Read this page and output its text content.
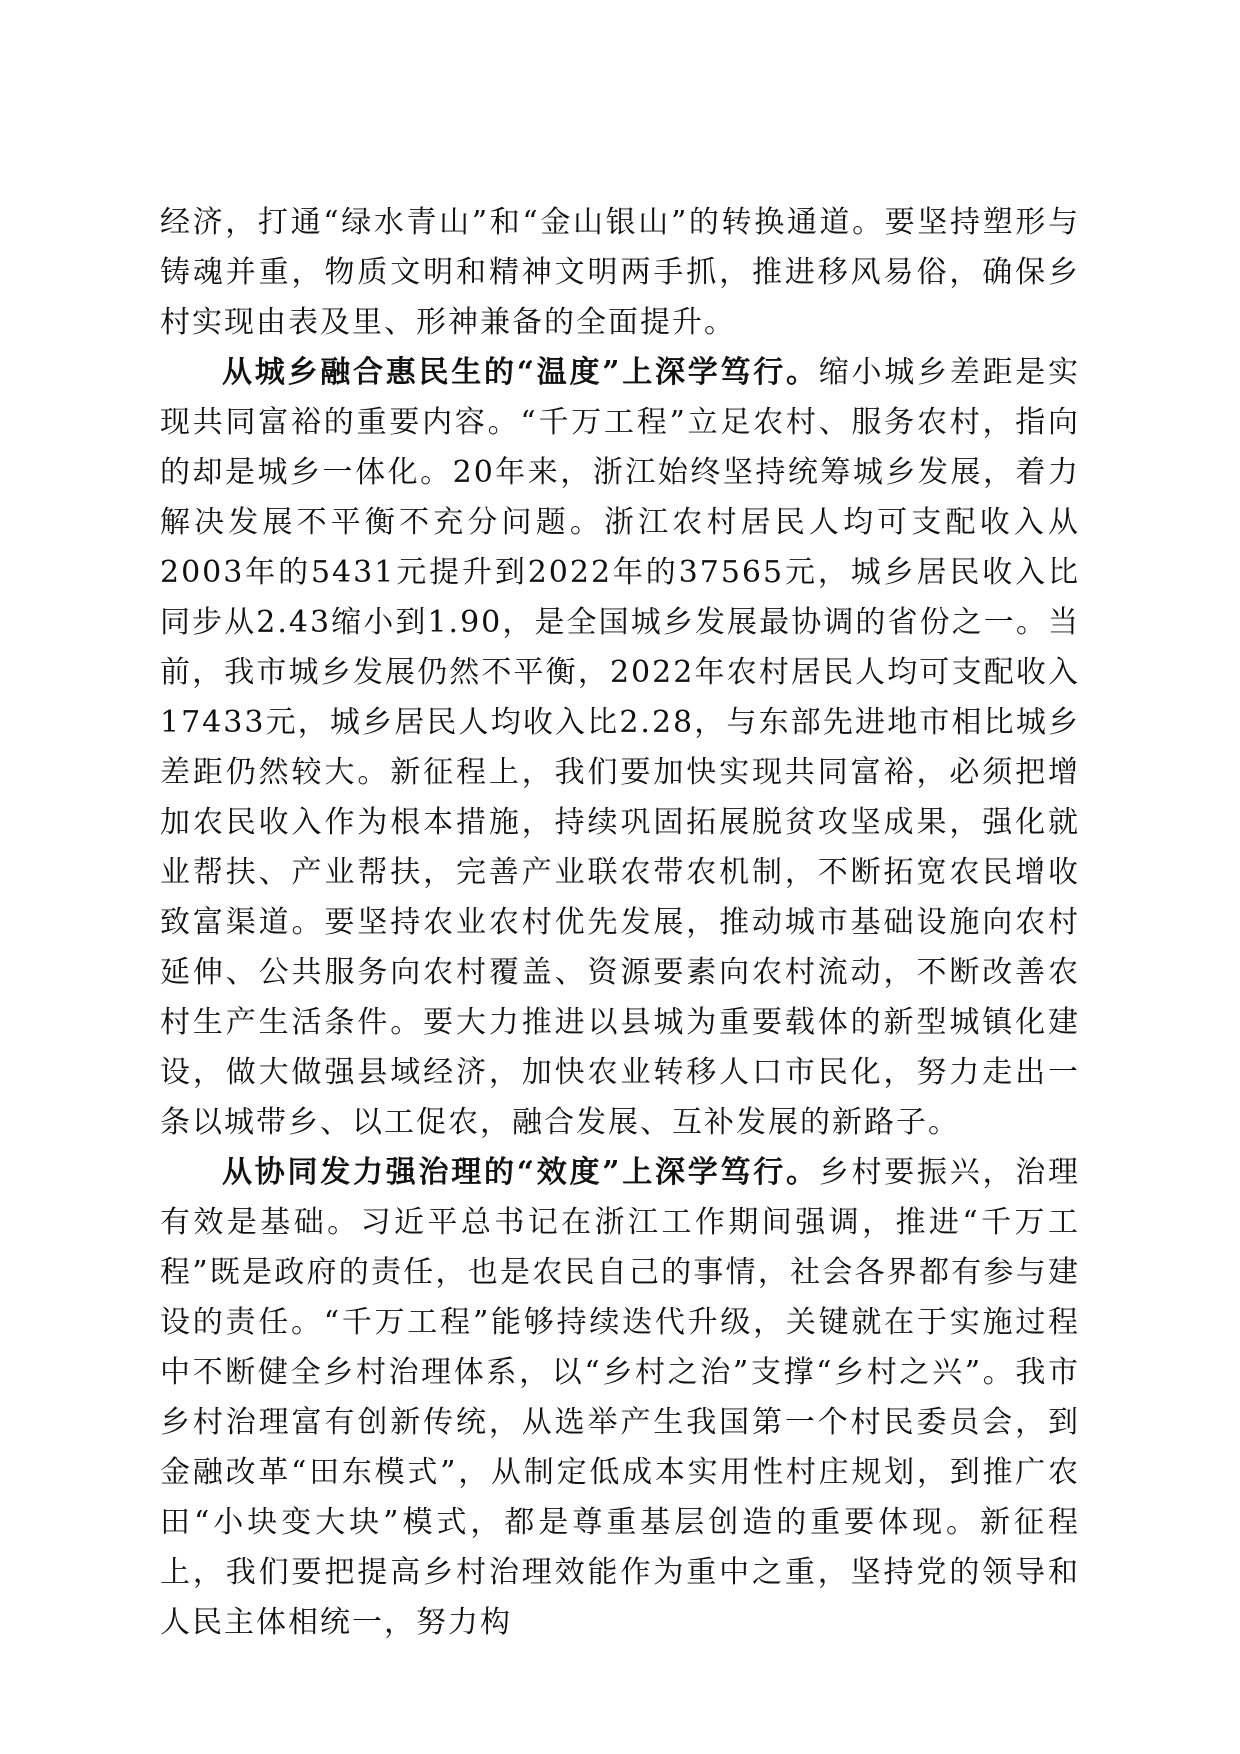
经济，打通“绿水青山”和“金山银山”的转换通道。要坚持塑形与铸魂并重，物质文明和精神文明两手抓，推进移风易俗，确保乡村实现由表及里、形神兼备的全面提升。

从城乡融合惠民生的“温度”上深学笃行。缩小城乡差距是实现共同富裕的重要内容。“千万工程”立足农村、服务农村，指向的却是城乡一体化。20年来，浙江始终坚持统筹城乡发展，着力解决发展不平衡不充分问题。浙江农村居民人均可支配收入从2003年的5431元提升到2022年的37565元，城乡居民收入比同步从2.43缩小到1.90，是全国城乡发展最协调的省份之一。当前，我市城乡发展仍然不平衡，2022年农村居民人均可支配收入17433元，城乡居民人均收入比2.28，与东部先进地市相比城乡差距仍然较大。新征程上，我们要加快实现共同富裕，必须把增加农民收入作为根本措施，持续巩固拓展脱贫攻坚成果，强化就业帮扶、产业帮扶，完善产业联农带农机制，不断拓宽农民增收致富渠道。要坚持农业农村优先发展，推动城市基础设施向农村延伸、公共服务向农村覆盖、资源要素向农村流动，不断改善农村生产生活条件。要大力推进以县城为重要载体的新型城镇化建设，做大做强县域经济，加快农业转移人口市民化，努力走出一条以城带乡、以工促农，融合发展、互补发展的新路子。

从协同发力强治理的“效度”上深学笃行。乡村要振兴，治理有效是基础。习近平总书记在浙江工作期间强调，推进“千万工程”既是政府的责任，也是农民自己的事情，社会各界都有参与建设的责任。“千万工程”能够持续迭代升级，关键就在于实施过程中不断健全乡村治理体系，以“乡村之治”支撑“乡村之兴”。我市乡村治理富有创新传统，从选举产生我国第一个村民委员会，到金融改革“田东模式”，从制定低成本实用性村庄规划，到推广农田“小块变大块”模式，都是尊重基层创造的重要体现。新征程上，我们要把提高乡村治理效能作为重中之重，坚持党的领导和人民主体相统一，努力构
